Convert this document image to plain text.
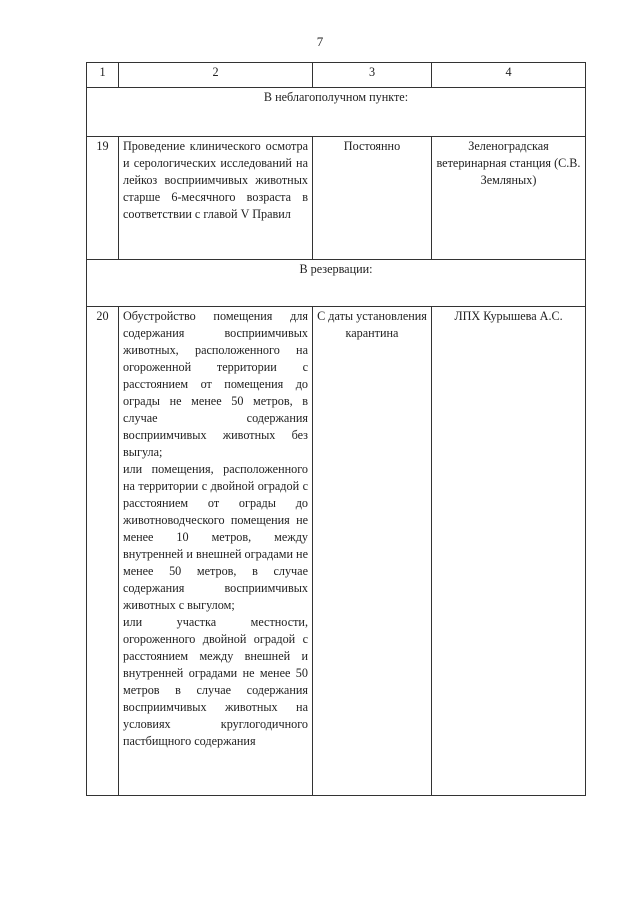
7
1	2	3	4
В неблагополучном пункте:			
19	Проведение клинического осмотра и серологических исследований на лейкоз восприимчивых животных старше 6-месячного возраста в соответствии с главой V Правил	Постоянно	Зеленоградская ветеринарная станция (С.В. Земляных)
В резервации:			
20	Обустройство помещения для содержания восприимчивых животных, расположенного на огороженной территории с расстоянием от помещения до ограды не менее 50 метров, в случае содержания восприимчивых животных без выгула;
или помещения, расположенного на территории с двойной оградой с расстоянием от ограды до животноводческого помещения не менее 10 метров, между внутренней и внешней оградами не менее 50 метров, в случае содержания восприимчивых животных с выгулом;
или участка местности, огороженного двойной оградой с расстоянием между внешней и внутренней оградами не менее 50 метров в случае содержания восприимчивых животных на условиях круглогодичного пастбищного содержания	С даты установления карантина	ЛПХ Курышева А.С.
